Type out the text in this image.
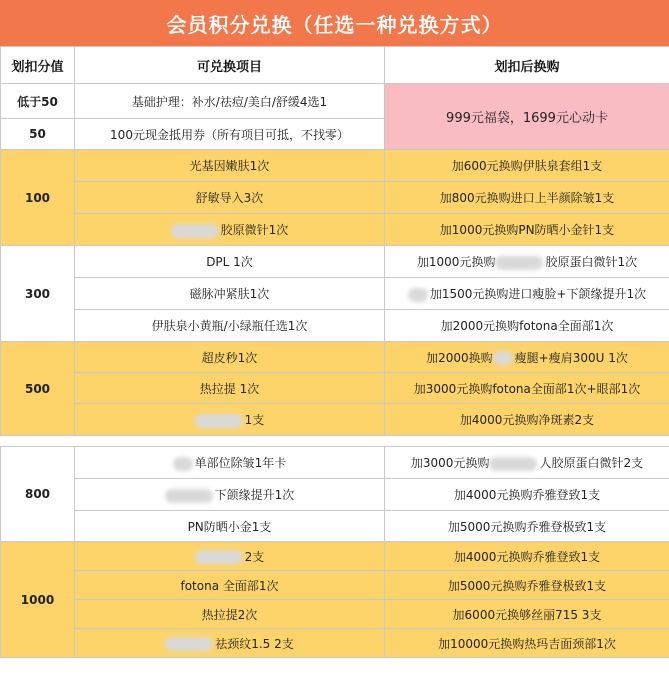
会员积分兑换（任选一种兑换方式）
划扣分值	可兑换项目	划扣后换购
低于50	基础护理：补水/祛痘/美白/舒缓4选1	999元福袋，1699元心动卡
50	100元现金抵用券（所有项目可抵，不找零）	
100	光基因嫩肤1次	加600元换购伊肤泉套组1支
	舒敏导入3次	加800元换购进口上半颜除皱1支
	胶原微针1次	加1000元换购PN防晒小金针1支
300	DPL 1次	加1000元换购 胶原蛋白微针1次
	磁脉冲紧肤1次	加1500元换购进口瘦脸+下颌缘提升1次
	伊肤泉小黄瓶/小绿瓶任选1次	加2000元换购fotona全面部1次
500	超皮秒1次	加2000换购 瘦腿+瘦肩300U 1次
	热拉提 1次	加3000元换购fotona全面部1次+眼部1次
	1支	加4000元换购净斑素2支

800	单部位除皱1年卡	加3000元换购 人胶原蛋白微针2支
	下颌缘提升1次	加4000元换购乔雅登致1支
	PN防晒小金1支	加5000元换购乔雅登极致1支
1000	2支	加4000元换购乔雅登致1支
	fotona 全面部1次	加5000元换购乔雅登极致1支
	热拉提2次	加6000元换够丝丽715 3支
	祛颈纹1.5 2支	加10000元换购热玛吉面颈部1次
